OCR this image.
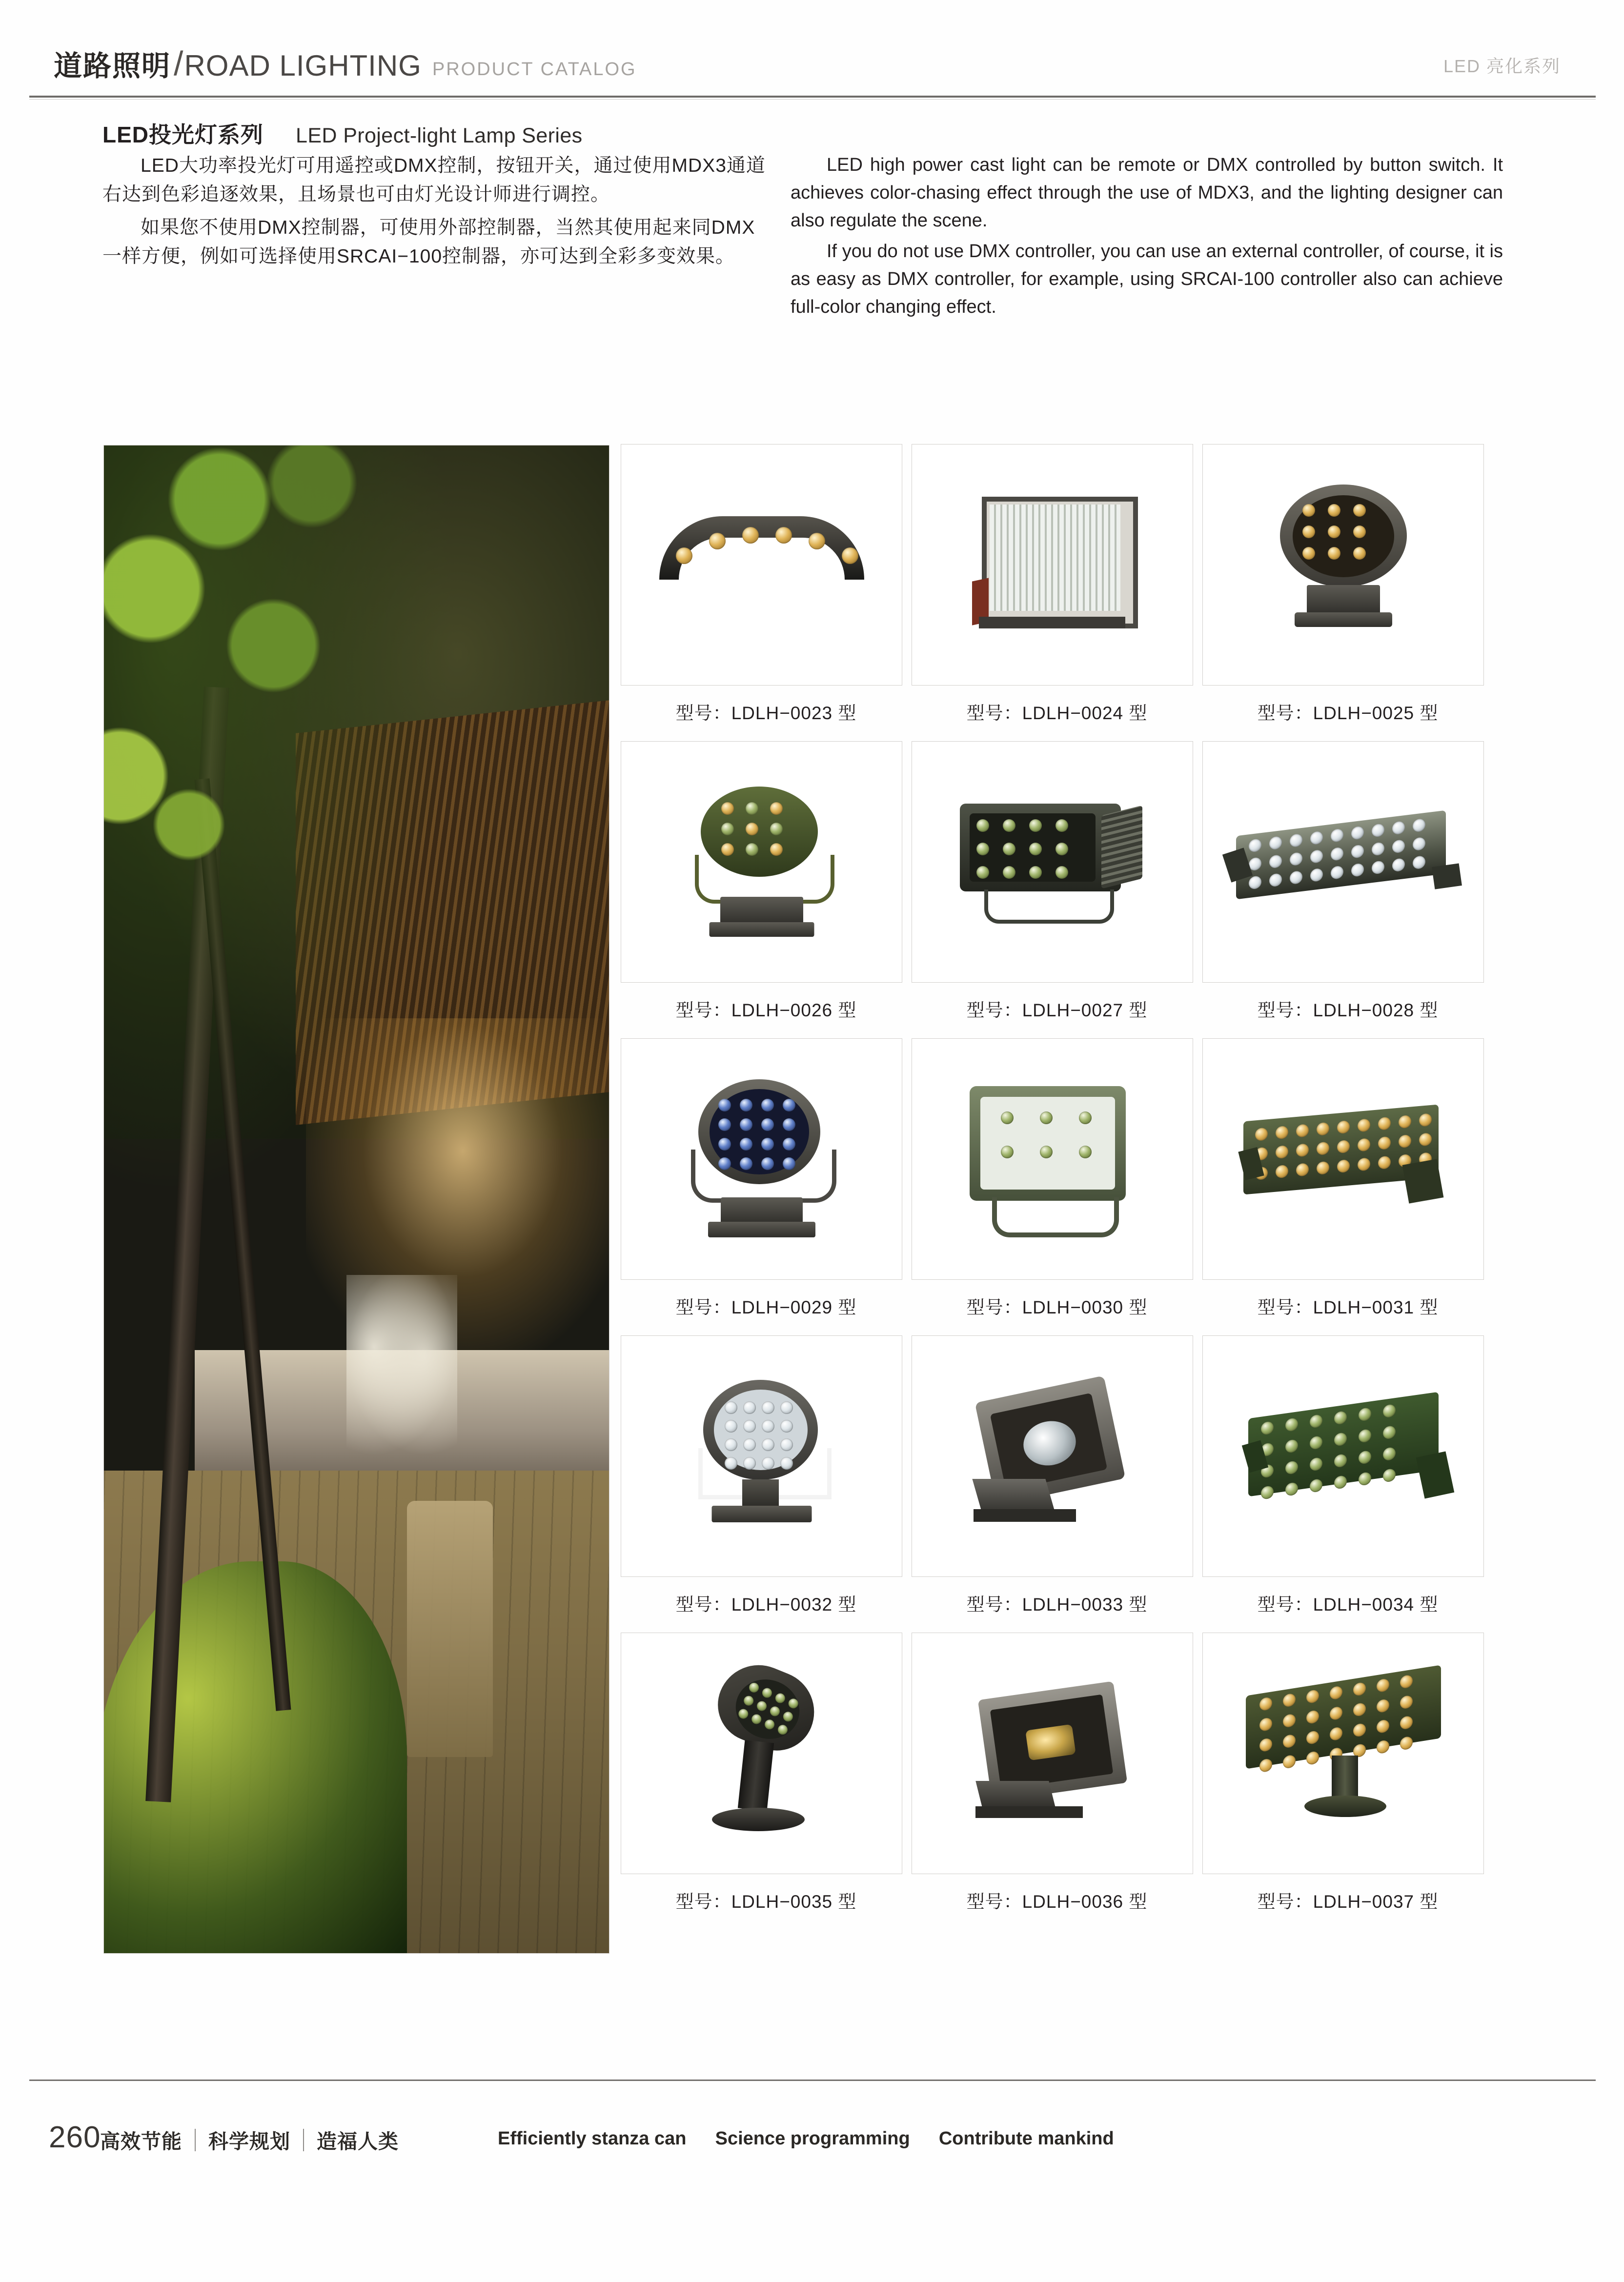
道路照明 / ROAD LIGHTING PRODUCT CATALOG	LED 亮化系列
LED投光灯系列 LED Project-light Lamp Series

LED大功率投光灯可用遥控或DMX控制，按钮开关，通过使用MDX3通道右达到色彩追逐效果，且场景也可由灯光设计师进行调控。

如果您不使用DMX控制器，可使用外部控制器，当然其使用起来同DMX一样方便，例如可选择使用SRCAI−100控制器，亦可达到全彩多变效果。

LED high power cast light can be remote or DMX controlled by button switch. It achieves color-chasing effect through the use of MDX3, and the lighting designer can also regulate the scene.

If you do not use DMX controller, you can use an external controller, of course, it is as easy as DMX controller, for example, using SRCAI-100 controller also can achieve full-color changing effect.

型号：LDLH−0023 型	型号：LDLH−0024 型	型号：LDLH−0025 型
型号：LDLH−0026 型	型号：LDLH−0027 型	型号：LDLH−0028 型
型号：LDLH−0029 型	型号：LDLH−0030 型	型号：LDLH−0031 型
型号：LDLH−0032 型	型号：LDLH−0033 型	型号：LDLH−0034 型
型号：LDLH−0035 型	型号：LDLH−0036 型	型号：LDLH−0037 型
260
高效节能 科学规划 造福人类	Efficiently stanza can Science programming Contribute mankind
